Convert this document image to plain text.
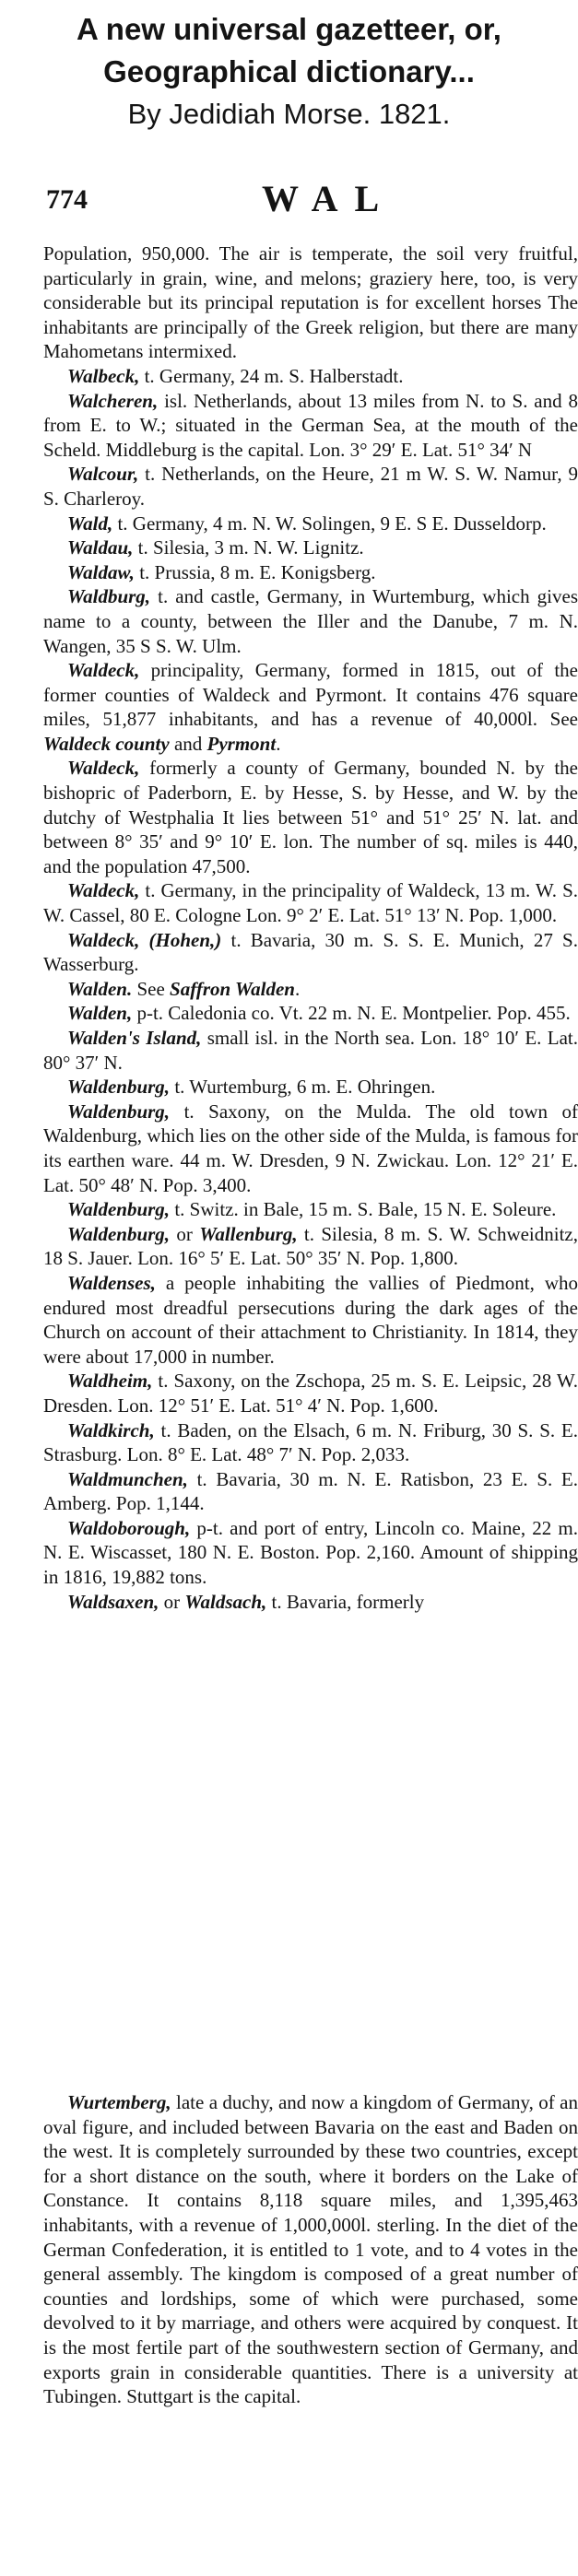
A new universal gazetteer, or,
Geographical dictionary...
By Jedidiah Morse. 1821.
774	WAL

Population, 950,000. The air is temperate, the soil very fruitful, particularly in grain, wine, and melons; graziery here, too, is very considerable but its principal reputation is for excellent horses The inhabitants are principally of the Greek religion, but there are many Mahometans intermixed.

Walbeck, t. Germany, 24 m. S. Halberstadt.

Walcheren, isl. Netherlands, about 13 miles from N. to S. and 8 from E. to W.; situated in the German Sea, at the mouth of the Scheld. Middleburg is the capital. Lon. 3° 29′ E. Lat. 51° 34′ N

Walcour, t. Netherlands, on the Heure, 21 m W. S. W. Namur, 9 S. Charleroy.

Wald, t. Germany, 4 m. N. W. Solingen, 9 E. S E. Dusseldorp.

Waldau, t. Silesia, 3 m. N. W. Lignitz.

Waldaw, t. Prussia, 8 m. E. Konigsberg.

Waldburg, t. and castle, Germany, in Wurtemburg, which gives name to a county, between the Iller and the Danube, 7 m. N. Wangen, 35 S S. W. Ulm.

Waldeck, principality, Germany, formed in 1815, out of the former counties of Waldeck and Pyrmont. It contains 476 square miles, 51,877 inhabitants, and has a revenue of 40,000l. See Waldeck county and Pyrmont.

Waldeck, formerly a county of Germany, bounded N. by the bishopric of Paderborn, E. by Hesse, S. by Hesse, and W. by the dutchy of Westphalia It lies between 51° and 51° 25′ N. lat. and between 8° 35′ and 9° 10′ E. lon. The number of sq. miles is 440, and the population 47,500.

Waldeck, t. Germany, in the principality of Waldeck, 13 m. W. S. W. Cassel, 80 E. Cologne Lon. 9° 2′ E. Lat. 51° 13′ N. Pop. 1,000.

Waldeck, (Hohen,) t. Bavaria, 30 m. S. S. E. Munich, 27 S. Wasserburg.

Walden. See Saffron Walden.

Walden, p-t. Caledonia co. Vt. 22 m. N. E. Montpelier. Pop. 455.

Walden's Island, small isl. in the North sea. Lon. 18° 10′ E. Lat. 80° 37′ N.

Waldenburg, t. Wurtemburg, 6 m. E. Ohringen.

Waldenburg, t. Saxony, on the Mulda. The old town of Waldenburg, which lies on the other side of the Mulda, is famous for its earthen ware. 44 m. W. Dresden, 9 N. Zwickau. Lon. 12° 21′ E. Lat. 50° 48′ N. Pop. 3,400.

Waldenburg, t. Switz. in Bale, 15 m. S. Bale, 15 N. E. Soleure.

Waldenburg, or Wallenburg, t. Silesia, 8 m. S. W. Schweidnitz, 18 S. Jauer. Lon. 16° 5′ E. Lat. 50° 35′ N. Pop. 1,800.

Waldenses, a people inhabiting the vallies of Piedmont, who endured most dreadful persecutions during the dark ages of the Church on account of their attachment to Christianity. In 1814, they were about 17,000 in number.

Waldheim, t. Saxony, on the Zschopa, 25 m. S. E. Leipsic, 28 W. Dresden. Lon. 12° 51′ E. Lat. 51° 4′ N. Pop. 1,600.

Waldkirch, t. Baden, on the Elsach, 6 m. N. Friburg, 30 S. S. E. Strasburg. Lon. 8° E. Lat. 48° 7′ N. Pop. 2,033.

Waldmunchen, t. Bavaria, 30 m. N. E. Ratisbon, 23 E. S. E. Amberg. Pop. 1,144.

Waldoborough, p-t. and port of entry, Lincoln co. Maine, 22 m. N. E. Wiscasset, 180 N. E. Boston. Pop. 2,160. Amount of shipping in 1816, 19,882 tons.

Waldsaxen, or Waldsach, t. Bavaria, formerly

Wurtemberg, late a duchy, and now a kingdom of Germany, of an oval figure, and included between Bavaria on the east and Baden on the west. It is completely surrounded by these two countries, except for a short distance on the south, where it borders on the Lake of Constance. It contains 8,118 square miles, and 1,395,463 inhabitants, with a revenue of 1,000,000l. sterling. In the diet of the German Confederation, it is entitled to 1 vote, and to 4 votes in the general assembly. The kingdom is composed of a great number of counties and lordships, some of which were purchased, some devolved to it by marriage, and others were acquired by conquest. It is the most fertile part of the southwestern section of Germany, and exports grain in considerable quantities. There is a university at Tubingen. Stuttgart is the capital.
